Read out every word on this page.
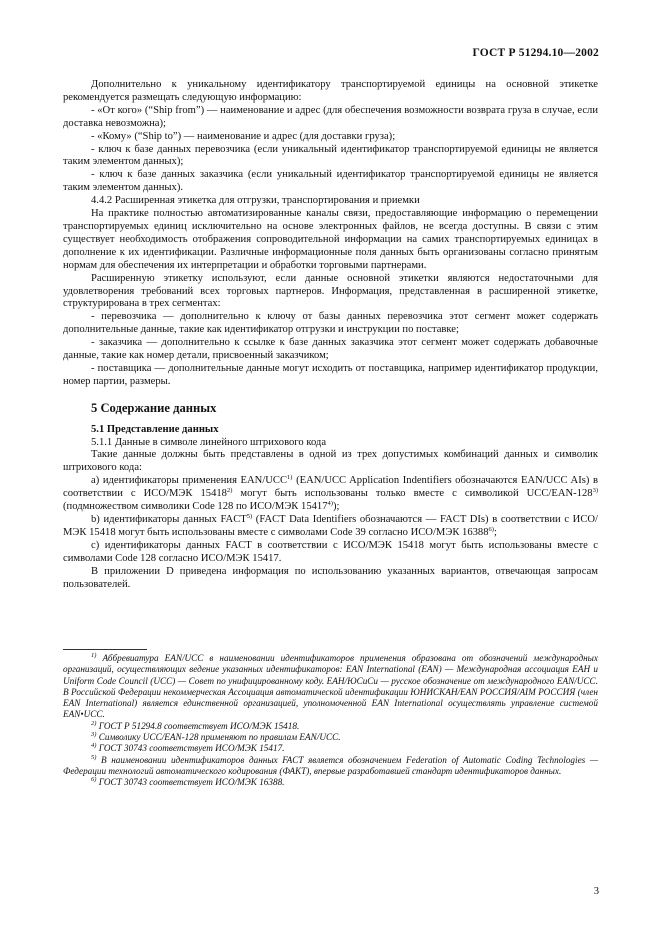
ГОСТ Р 51294.10—2002

Дополнительно к уникальному идентификатору транспортируемой единицы на основной этикетке рекомендуется размещать следующую информацию:

- «От кого» (“Ship from”) — наименование и адрес (для обеспечения возможности возврата груза в случае, если доставка невозможна);

- «Кому» (“Ship to”) — наименование и адрес (для доставки груза);

- ключ к базе данных перевозчика (если уникальный идентификатор транспортируемой единицы не является таким элементом данных);

- ключ к базе данных заказчика (если уникальный идентификатор транспортируемой единицы не является таким элементом данных).

4.4.2 Расширенная этикетка для отгрузки, транспортирования и приемки

На практике полностью автоматизированные каналы связи, предоставляющие информацию о перемещении транспортируемых единиц исключительно на основе электронных файлов, не всегда доступны. В связи с этим существует необходимость отображения сопроводительной информации на самих транспортируемых единицах в дополнение к их идентификации. Различные информационные поля данных быть организованы согласно принятым нормам для обеспечения их интерпретации и обработки торговыми партнерами.

Расширенную этикетку используют, если данные основной этикетки являются недостаточными для удовлетворения требований всех торговых партнеров. Информация, представленная в расширенной этикетке, структурирована в трех сегментах:

- перевозчика — дополнительно к ключу от базы данных перевозчика этот сегмент может содержать дополнительные данные, такие как идентификатор отгрузки и инструкции по поставке;

- заказчика — дополнительно к ссылке к базе данных заказчика этот сегмент может содержать добавочные данные, такие как номер детали, присвоенный заказчиком;

- поставщика — дополнительные данные могут исходить от поставщика, например идентификатор продукции, номер партии, размеры.

5 Содержание данных
5.1 Представление данных

5.1.1 Данные в символе линейного штрихового кода

Такие данные должны быть представлены в одной из трех допустимых комбинаций данных и символик штрихового кода:

a) идентификаторы применения EAN/UCC$^{1)}$ (EAN/UCC Application Indentifiers обозначаются EAN/UCC AIs) в соответствии с ИСО/МЭК 15418$^{2)}$ могут быть использованы только вместе с символикой UCC/EAN-128$^{3)}$ (подмножеством символики Code 128 по ИСО/МЭК 15417$^{4)}$);

b) идентификаторы данных FACT$^{5)}$ (FACT Data Identifiers обозначаются — FACT DIs) в соответствии с ИСО/МЭК 15418 могут быть использованы вместе с символами Code 39 согласно ИСО/МЭК 16388$^{6)}$;

c) идентификаторы данных FACT в соответствии с ИСО/МЭК 15418 могут быть использованы вместе с символами Code 128 согласно ИСО/МЭК 15417.

В приложении D приведена информация по использованию указанных вариантов, отвечающая запросам пользователей.

$^{1)}$ Аббревиатура EAN/UCC в наименовании идентификаторов применения образована от обозначений международных организаций, осуществляющих ведение указанных идентификаторов: EAN International (EAN) — Международная ассоциация ЕАН и Uniform Code Council (UCC) — Совет по унифицированному коду. ЕАН/ЮСиСи — русское обозначение от международного EAN/UCC. В Российской Федерации некоммерческая Ассоциация автоматической идентификации ЮНИСКАН/EAN РОССИЯ/AIM РОССИЯ (член EAN International) является единственной организацией, уполномоченной EAN International осуществлять управление системой EAN•UCC.

$^{2)}$ ГОСТ Р 51294.8 соответствует ИСО/МЭК 15418.

$^{3)}$ Символику UCC/EAN-128 применяют по правилам EAN/UCC.

$^{4)}$ ГОСТ 30743 соответствует ИСО/МЭК 15417.

$^{5)}$ В наименовании идентификаторов данных FACT является обозначением Federation of Automatic Coding Technologies — Федерации технологий автоматического кодирования (ФАКТ), впервые разработавшей стандарт идентификаторов данных.

$^{6)}$ ГОСТ 30743 соответствует ИСО/МЭК 16388.

3
